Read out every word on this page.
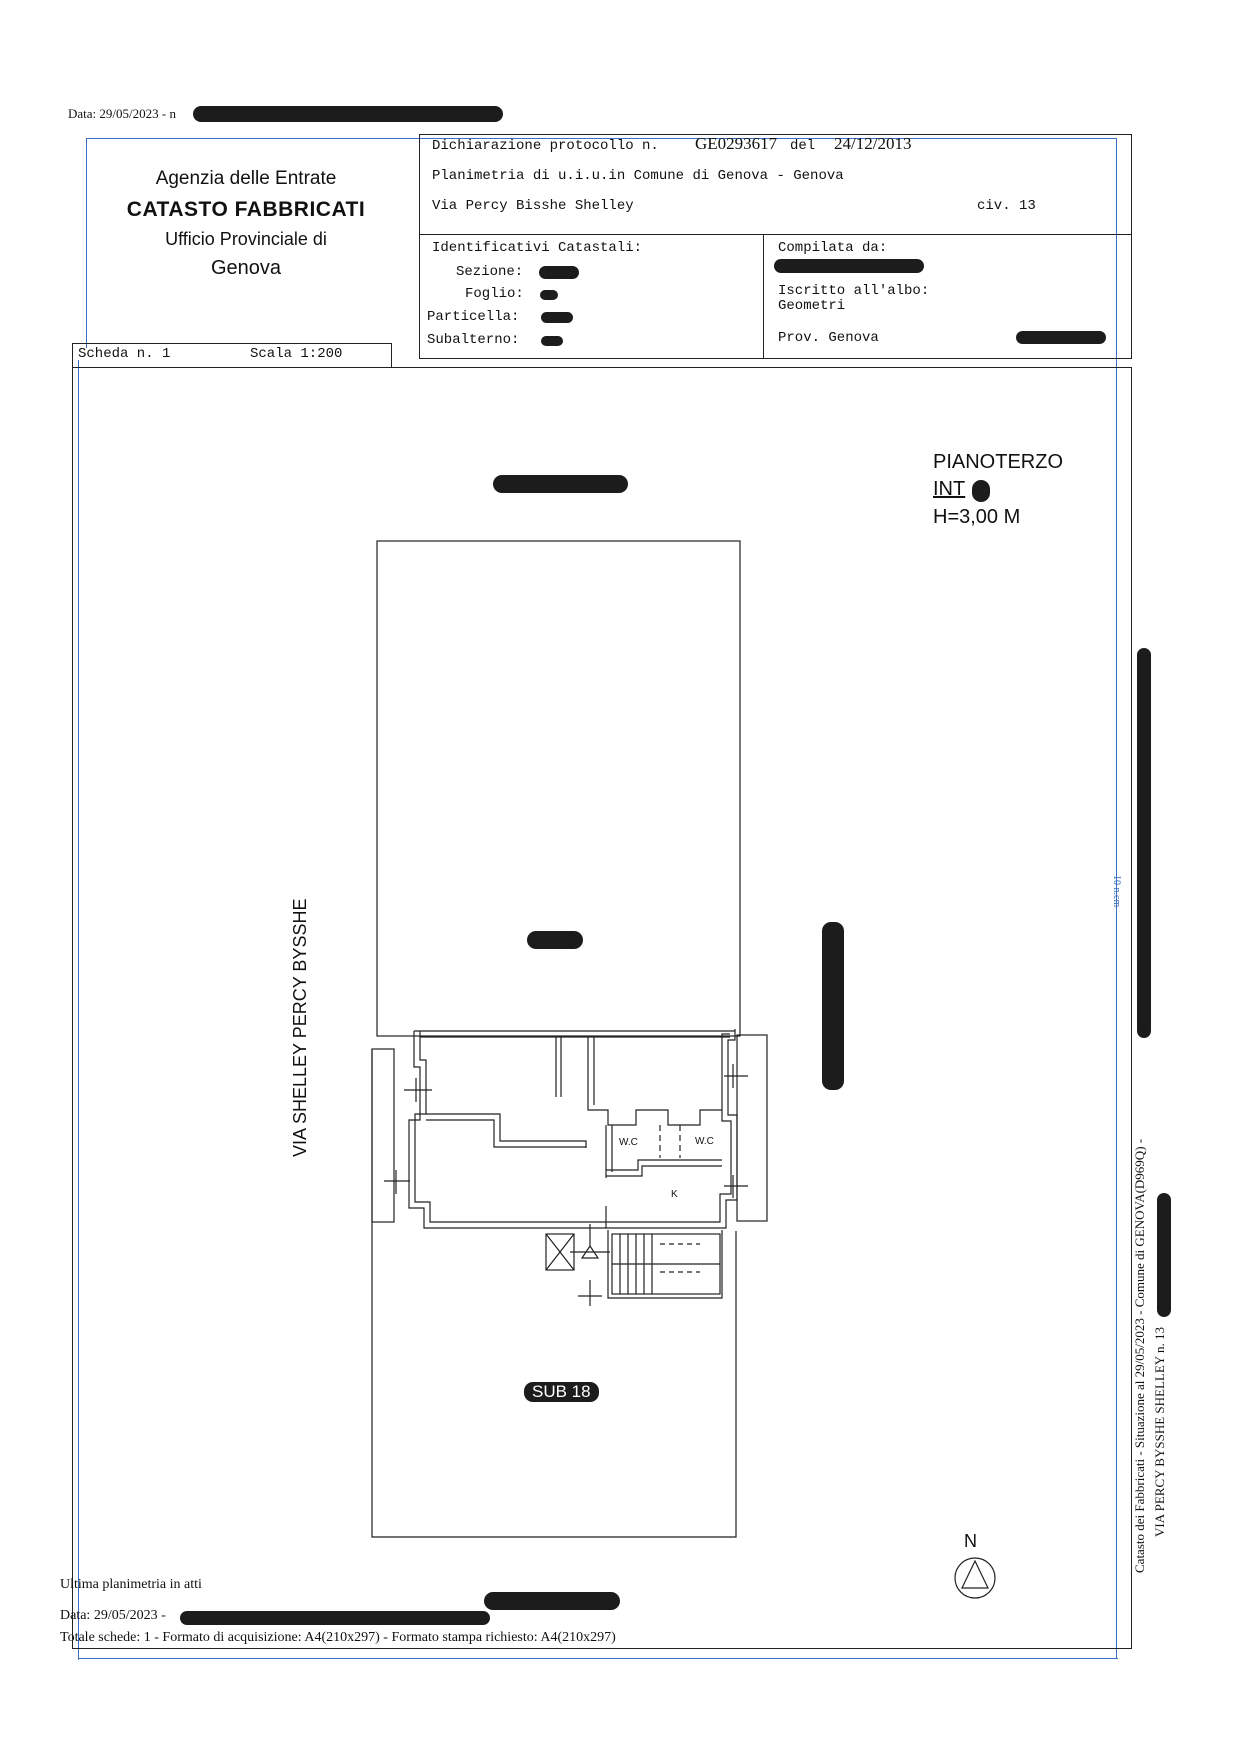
Data: 29/05/2023 - n
Agenzia delle Entrate
CATASTO FABBRICATI
Ufficio Provinciale di
Genova
Dichiarazione protocollo n. GE0293617 del 24/12/2013
Planimetria di u.i.u.in Comune di Genova - Genova
Via Percy Bisshe Shelley	civ. 13
Identificativi Catastali:
Sezione:
Foglio:
Particella:
Subalterno:
Compilata da:
Iscritto all'albo:
Geometri
Prov. Genova
Scheda n. 1	Scala 1:200
PIANOTERZO
INT
H=3,00 M
VIA SHELLEY PERCY BYSSHE	W.C	W.C
K
SUB 18
N	Catasto dei Fabbricati - Situazione al 29/05/2023 - Comune di GENOVA(D969Q) - VIA PERCY BYSSHE SHELLEY n. 13
10 n.cm
Ultima planimetria in atti
Data: 29/05/2023 -
Totale schede: 1 - Formato di acquisizione: A4(210x297) - Formato stampa richiesto: A4(210x297)
